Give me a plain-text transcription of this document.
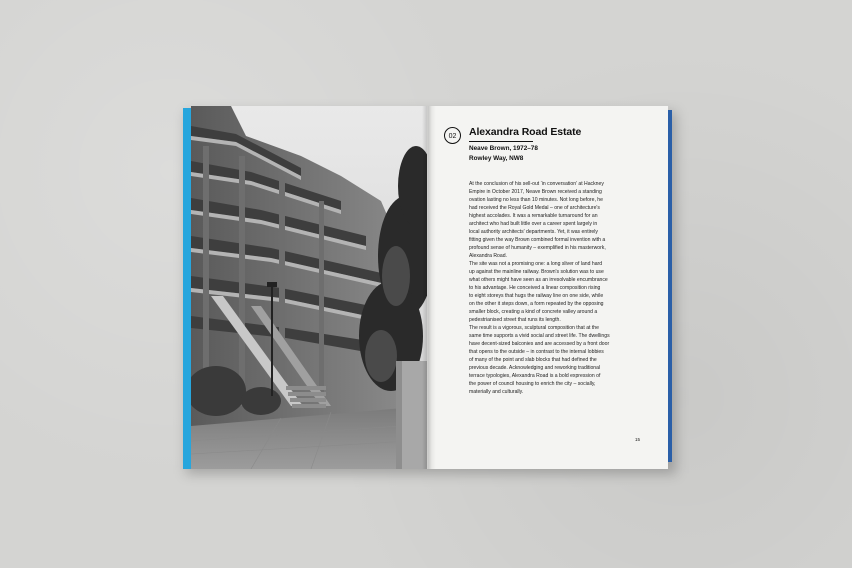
02	Alexandra Road Estate
Neave Brown, 1972–78
Rowley Way, NW8
At the conclusion of his sell-out ‘in conversation’ at Hackney
Empire in October 2017, Neave Brown received a standing
ovation lasting no less than 10 minutes. Not long before, he
had received the Royal Gold Medal – one of architecture's
highest accolades. It was a remarkable turnaround for an
architect who had built little over a career spent largely in
local authority architects' departments. Yet, it was entirely
fitting given the way Brown combined formal invention with a
profound sense of humanity – exemplified in his masterwork,
Alexandra Road.
The site was not a promising one: a long sliver of land hard
up against the mainline railway. Brown's solution was to use
what others might have seen as an irresolvable encumbrance
to his advantage. He conceived a linear composition rising
to eight storeys that hugs the railway line on one side, while
on the other it steps down, a form repeated by the opposing
smaller block, creating a kind of concrete valley around a
pedestrianised street that runs its length.
The result is a vigorous, sculptural composition that at the
same time supports a vivid social and street life. The dwellings
have decent-sized balconies and are accessed by a front door
that opens to the outside – in contrast to the internal lobbies
of many of the point and slab blocks that had defined the
previous decade. Acknowledging and reworking traditional
terrace typologies, Alexandra Road is a bold expression of
the power of council housing to enrich the city – socially,
materially and culturally.
15
